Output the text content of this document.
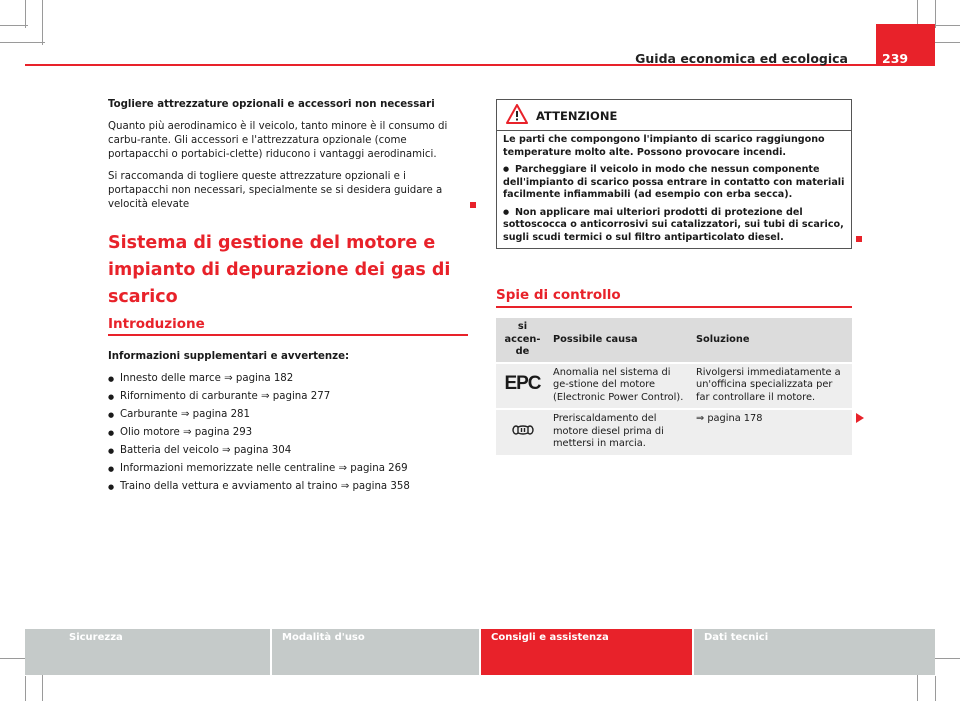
Guida economica ed ecologica	239

Togliere attrezzature opzionali e accessori non necessari

Quanto più aerodinamico è il veicolo, tanto minore è il consumo di carbu-rante. Gli accessori e l'attrezzatura opzionale (come portapacchi o portabici-clette) riducono i vantaggi aerodinamici.

Si raccomanda di togliere queste attrezzature opzionali e i portapacchi non necessari, specialmente se si desidera guidare a velocità elevate

Sistema di gestione del motore e impianto di depurazione dei gas di scarico
Introduzione

Informazioni supplementari e avvertenze:

● Innesto delle marce ⇒ pagina 182
● Rifornimento di carburante ⇒ pagina 277
● Carburante ⇒ pagina 281
● Olio motore ⇒ pagina 293
● Batteria del veicolo ⇒ pagina 304
● Informazioni memorizzate nelle centraline ⇒ pagina 269
● Traino della vettura e avviamento al traino ⇒ pagina 358
ATTENZIONE

Le parti che compongono l'impianto di scarico raggiungono temperature molto alte. Possono provocare incendi.

● Parcheggiare il veicolo in modo che nessun componente dell'impianto di scarico possa entrare in contatto con materiali facilmente infiammabili (ad esempio con erba secca).

● Non applicare mai ulteriori prodotti di protezione del sottoscocca o anticorrosivi sui catalizzatori, sui tubi di scarico, sugli scudi termici o sul filtro antiparticolato diesel.

Spie di controllo
si accen-de	Possibile causa	Soluzione
EPC	Anomalia nel sistema di ge-stione del motore (Electronic Power Control).	Rivolgersi immediatamente a un'officina specializzata per far controllare il motore.
	Preriscaldamento del motore diesel prima di mettersi in marcia.	⇒ pagina 178
Sicurezza	Modalità d'uso	Consigli e assistenza	Dati tecnici
